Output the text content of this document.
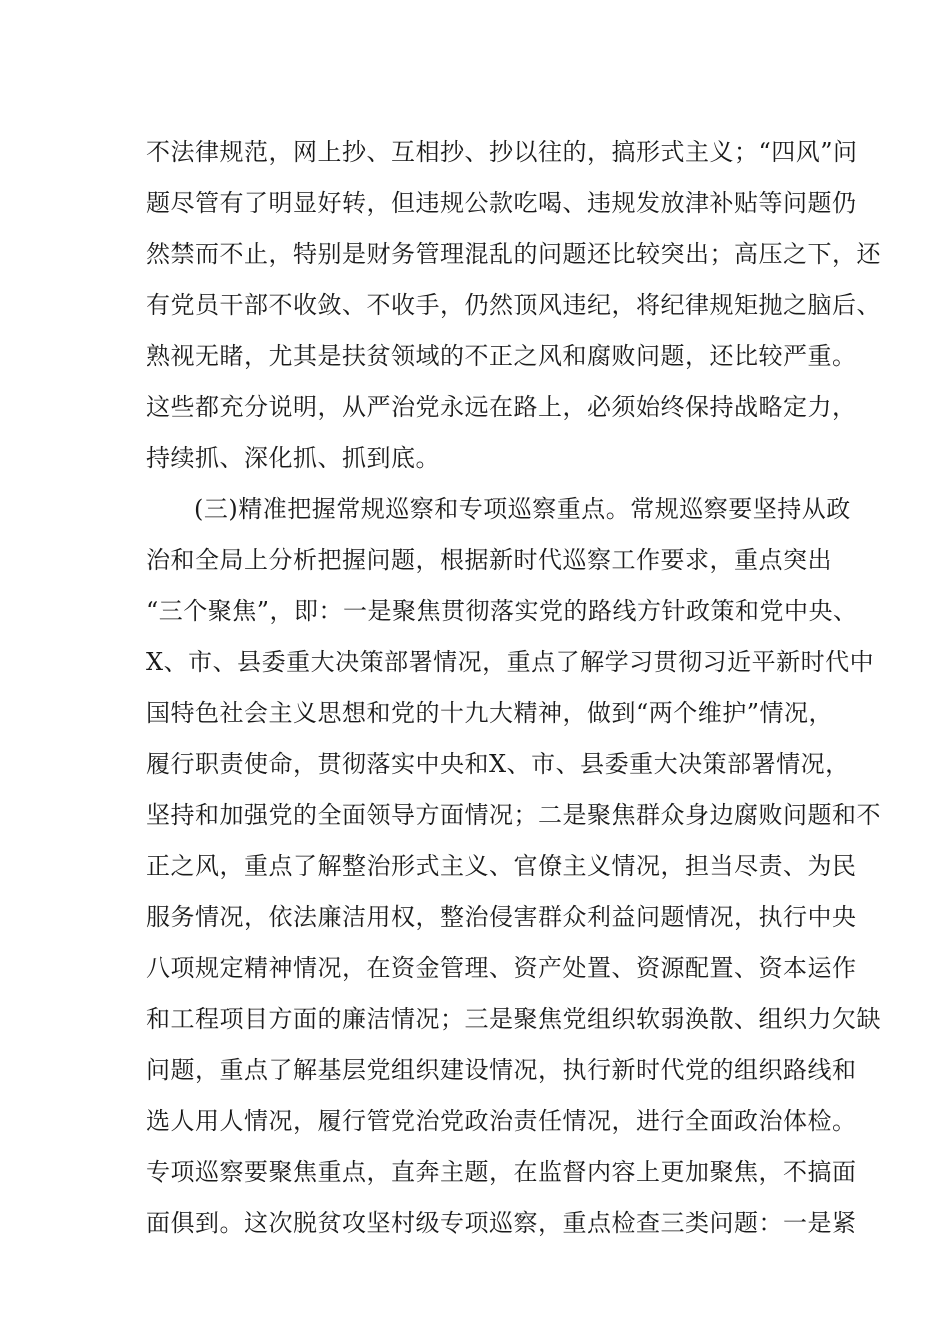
不法律规范，网上抄、互相抄、抄以往的，搞形式主义；“四风”问
题尽管有了明显好转，但违规公款吃喝、违规发放津补贴等问题仍
然禁而不止，特别是财务管理混乱的问题还比较突出；高压之下，还
有党员干部不收敛、不收手，仍然顶风违纪，将纪律规矩抛之脑后、
熟视无睹，尤其是扶贫领域的不正之风和腐败问题，还比较严重。
这些都充分说明，从严治党永远在路上，必须始终保持战略定力，
持续抓、深化抓、抓到底。
(三)精准把握常规巡察和专项巡察重点。常规巡察要坚持从政
治和全局上分析把握问题，根据新时代巡察工作要求，重点突出
“三个聚焦”，即：一是聚焦贯彻落实党的路线方针政策和党中央、
X、市、县委重大决策部署情况，重点了解学习贯彻习近平新时代中
国特色社会主义思想和党的十九大精神，做到“两个维护”情况，
履行职责使命，贯彻落实中央和X、市、县委重大决策部署情况，
坚持和加强党的全面领导方面情况；二是聚焦群众身边腐败问题和不
正之风，重点了解整治形式主义、官僚主义情况，担当尽责、为民
服务情况，依法廉洁用权，整治侵害群众利益问题情况，执行中央
八项规定精神情况，在资金管理、资产处置、资源配置、资本运作
和工程项目方面的廉洁情况；三是聚焦党组织软弱涣散、组织力欠缺
问题，重点了解基层党组织建设情况，执行新时代党的组织路线和
选人用人情况，履行管党治党政治责任情况，进行全面政治体检。
专项巡察要聚焦重点，直奔主题，在监督内容上更加聚焦，不搞面
面俱到。这次脱贫攻坚村级专项巡察，重点检查三类问题：一是紧
